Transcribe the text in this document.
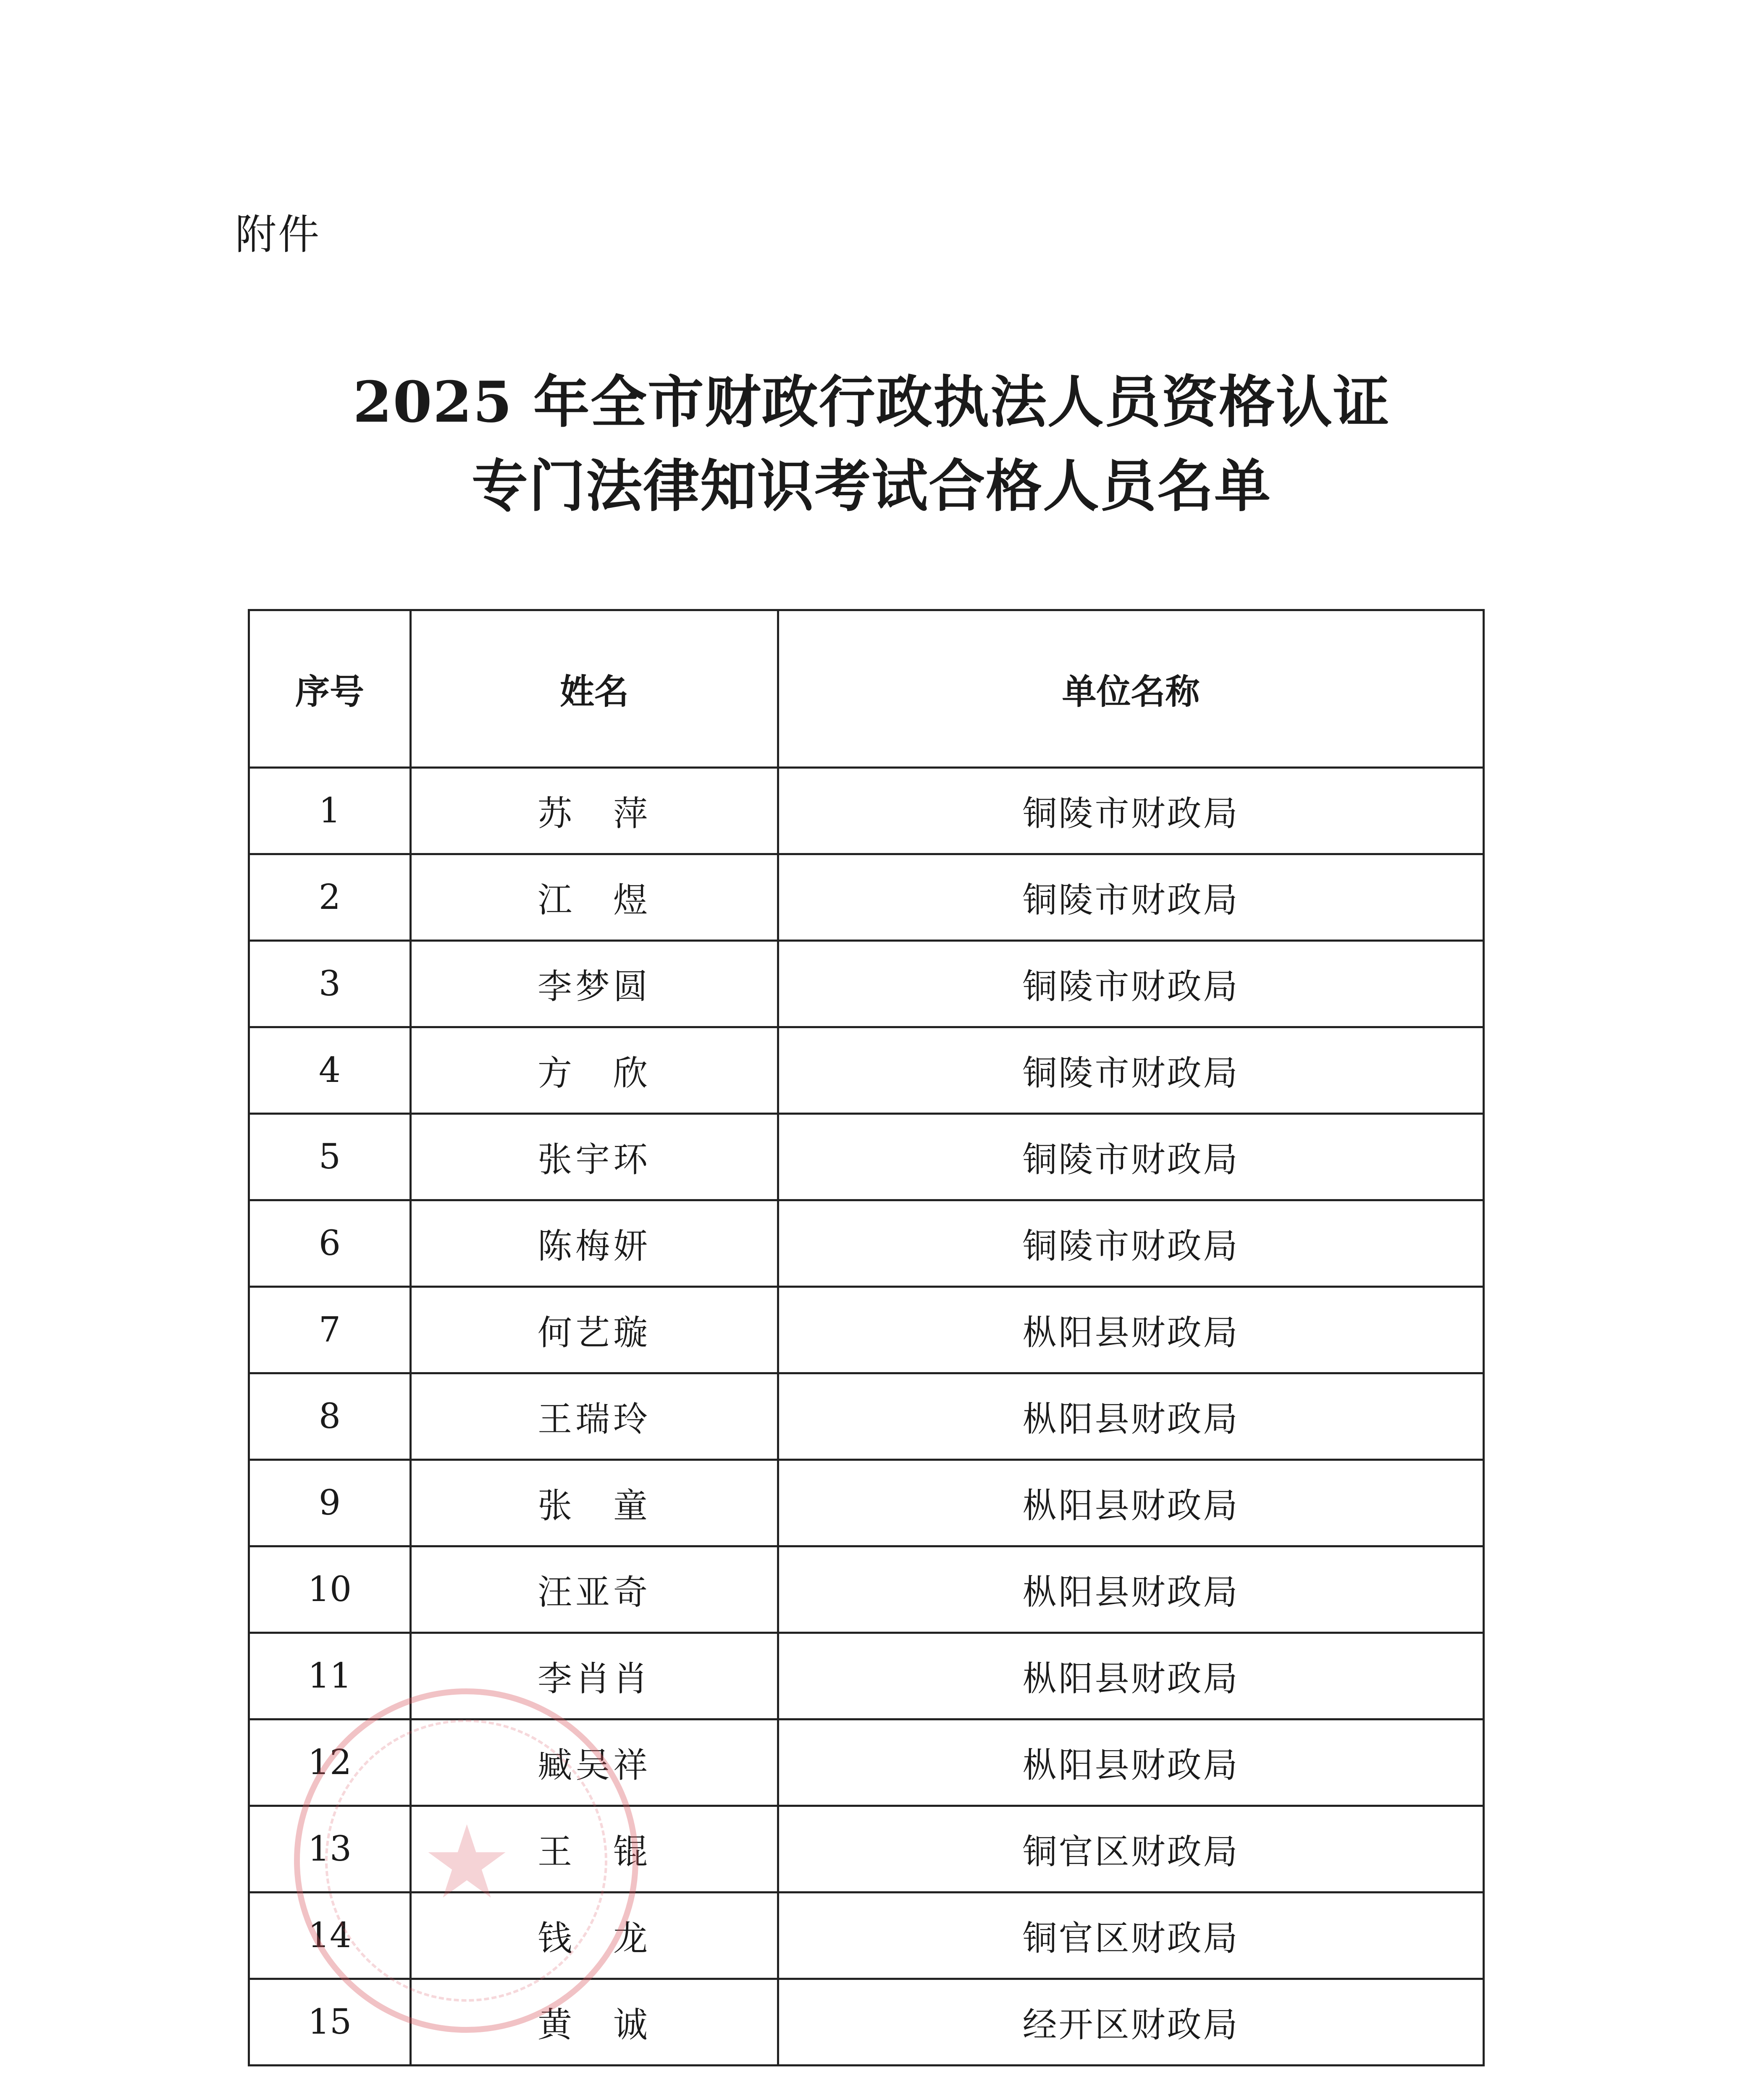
附件
2025 年全市财政行政执法人员资格认证
专门法律知识考试合格人员名单
序号	姓名	单位名称
1	苏　萍	铜陵市财政局
2	江　煜	铜陵市财政局
3	李梦圆	铜陵市财政局
4	方　欣	铜陵市财政局
5	张宇环	铜陵市财政局
6	陈梅妍	铜陵市财政局
7	何艺璇	枞阳县财政局
8	王瑞玲	枞阳县财政局
9	张　童	枞阳县财政局
10	汪亚奇	枞阳县财政局
11	李肖肖	枞阳县财政局
12	臧吴祥	枞阳县财政局
13	王　锟	铜官区财政局
14	钱　龙	铜官区财政局
15	黄　诚	经开区财政局
★
